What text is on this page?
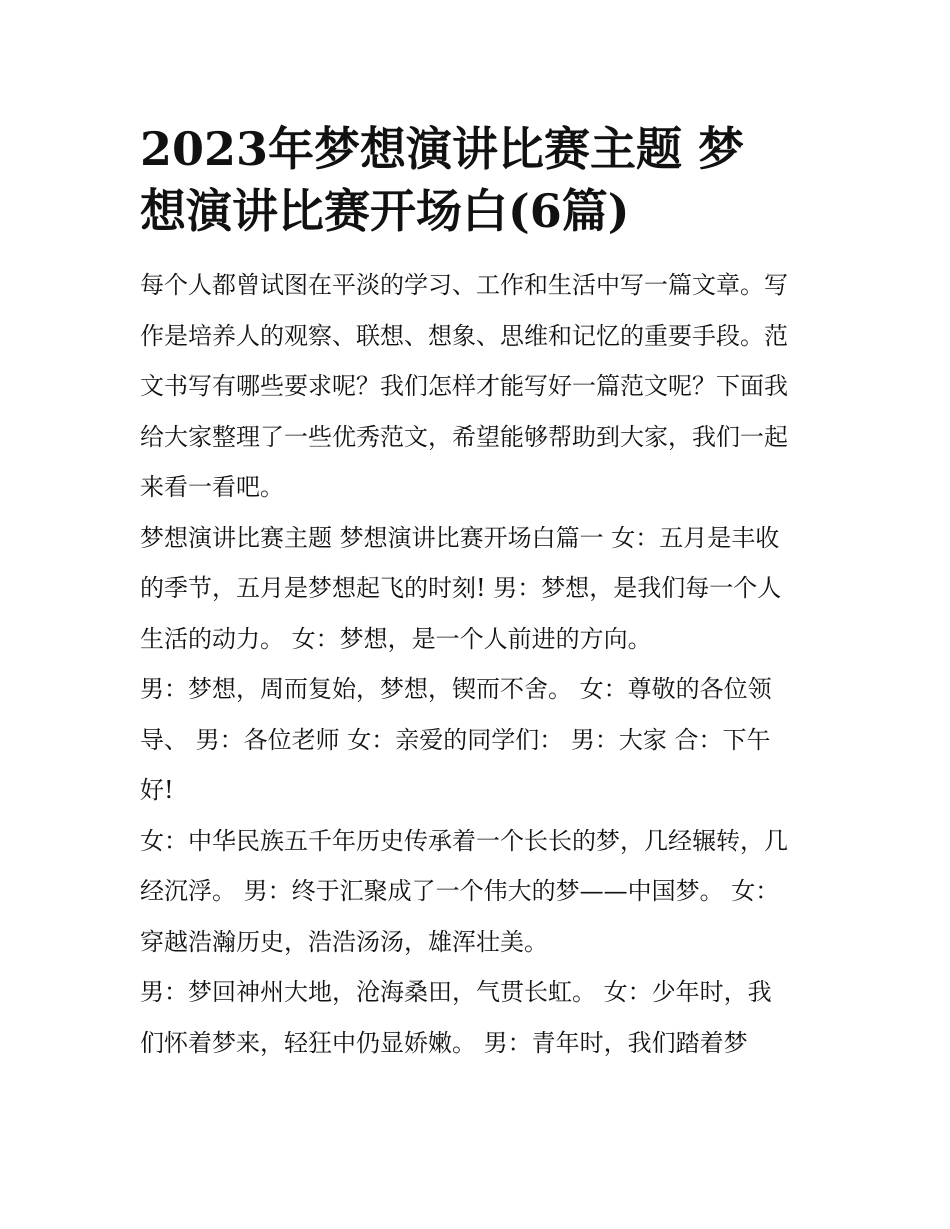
2023年梦想演讲比赛主题 梦
想演讲比赛开场白(6篇)
每个人都曾试图在平淡的学习、工作和生活中写一篇文章。写
作是培养人的观察、联想、想象、思维和记忆的重要手段。范
文书写有哪些要求呢？我们怎样才能写好一篇范文呢？下面我
给大家整理了一些优秀范文，希望能够帮助到大家，我们一起
来看一看吧。
梦想演讲比赛主题 梦想演讲比赛开场白篇一 女：五月是丰收
的季节，五月是梦想起飞的时刻! 男：梦想，是我们每一个人
生活的动力。 女：梦想，是一个人前进的方向。
男：梦想，周而复始，梦想，锲而不舍。 女：尊敬的各位领
导、 男：各位老师 女：亲爱的同学们： 男：大家 合：下午
好!
女：中华民族五千年历史传承着一个长长的梦，几经辗转，几
经沉浮。 男：终于汇聚成了一个伟大的梦——中国梦。 女：
穿越浩瀚历史，浩浩汤汤，雄浑壮美。
男：梦回神州大地，沧海桑田，气贯长虹。 女：少年时，我
们怀着梦来，轻狂中仍显娇嫩。 男：青年时，我们踏着梦
